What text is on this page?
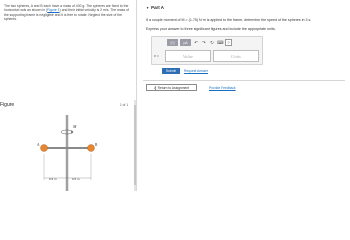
The two spheres, A and B each have a mass of 400 g. The spheres are fixed to the horizontal rods as shown in (Figure 1) and their initial velocity is 2 m/s. The mass of the supporting frame is negligible and it is free to rotate. Neglect the size of the spheres.
Figure	1 of 1
M
A	B
0.5 m	0.5 m
▼ Part A
If a couple moment of M = (1.75) N·m is applied to the frame, determine the speed of the spheres in 3 s.
Express your answer to three significant figures and include the appropriate units.
▯⁄▯	μA	↶ ↷ ↻ ⌨	?
v =	Value	Units
Submit	Request Answer
❮ Return to Assignment	Provide Feedback
